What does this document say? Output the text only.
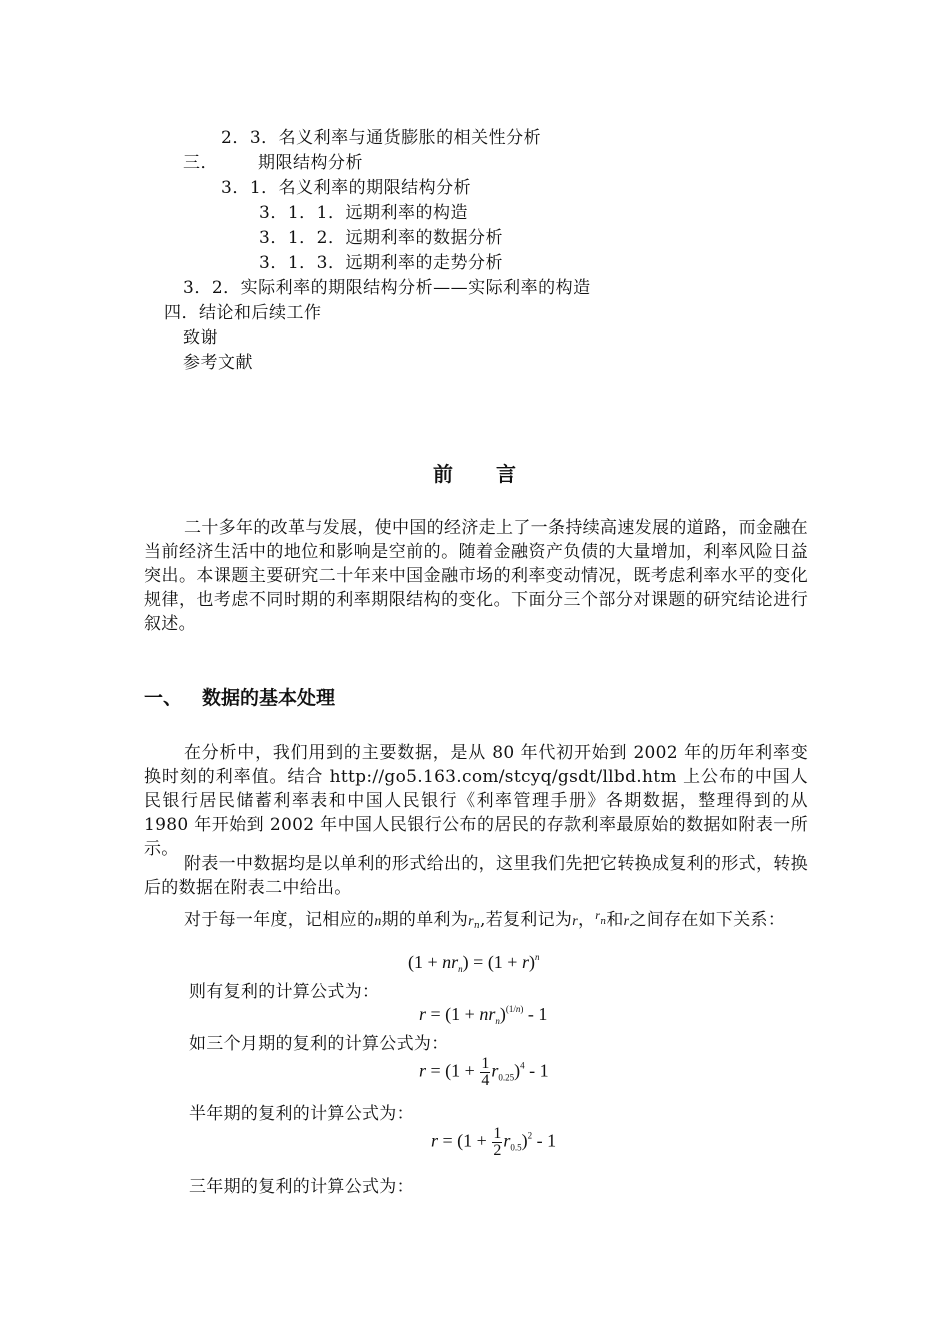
2．3．名义利率与通货膨胀的相关性分析
三． 期限结构分析
3．1．名义利率的期限结构分析
3．1．1．远期利率的构造
3．1．2．远期利率的数据分析
3．1．3．远期利率的走势分析
3．2．实际利率的期限结构分析——实际利率的构造
四．结论和后续工作
致谢
参考文献
前 言
二十多年的改革与发展，使中国的经济走上了一条持续高速发展的道路，而金融在当前经济生活中的地位和影响是空前的。随着金融资产负债的大量增加，利率风险日益突出。本课题主要研究二十年来中国金融市场的利率变动情况，既考虑利率水平的变化规律，也考虑不同时期的利率期限结构的变化。下面分三个部分对课题的研究结论进行叙述。
一、 数据的基本处理
在分析中，我们用到的主要数据，是从 80 年代初开始到 2002 年的历年利率变换时刻的利率值。结合 http://go5.163.com/stcyq/gsdt/llbd.htm 上公布的中国人民银行居民储蓄利率表和中国人民银行《利率管理手册》各期数据，整理得到的从 1980 年开始到 2002 年中国人民银行公布的居民的存款利率最原始的数据如附表一所示。
附表一中数据均是以单利的形式给出的，这里我们先把它转换成复利的形式，转换后的数据在附表二中给出。
对于每一年度，记相应的n期的单利为rn,若复利记为r，$^r$n和r之间存在如下关系：
$(1 + nr_n) = (1 + r)^n$
则有复利的计算公式为：
$r = (1 + nr_n)^{(1/n)} - 1$
如三个月期的复利的计算公式为：
$r = (1 + \frac{1}{4} r_{0.25})^4 - 1$
半年期的复利的计算公式为：
$r = (1 + \frac{1}{2} r_{0.5})^2 - 1$
三年期的复利的计算公式为：
